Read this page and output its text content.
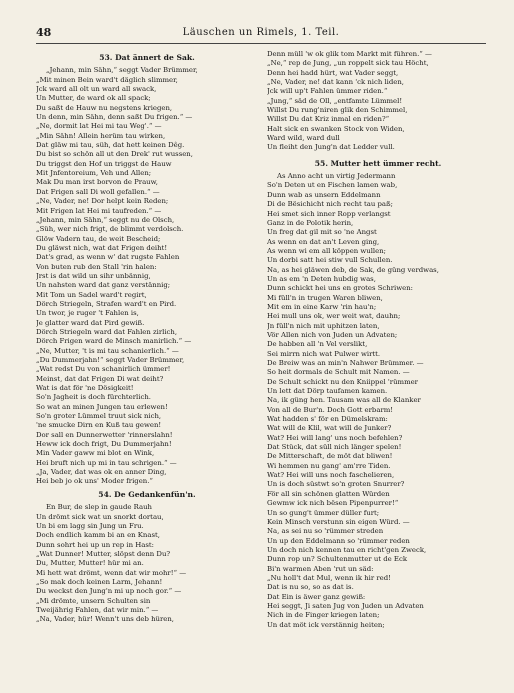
48	Läuschen un Rimels, 1. Teil.
53. Dat ännert de Sak.
„Jehann, min Sähn,“ seggt Vader Brümmer,
„Mit minen Bein ward't däglich slimmer,
Jck ward all olt un ward all swack,
Un Mutter, de ward ok all spack;
Du saßt de Hauw nu negstens kriegen,
Un denn, min Sähn, denn saßt Du frigen.“ —
„Ne, dormit lat Hei mi tau Weg'.“ —
„Min Sähn! Allein herüm tau wirken,
Dat gläw mi tau, süh, dat hett keinen Dêg.
Du bist so schön all ut den Drek' rut wussen,
Du triggst den Hof un triggst de Hauw
Mit Jnfentoreium, Veh und Allen;
Mak Du man irst borvon de Prauw,
Dat Frigen sall Di woll gefallen.“ —
„Ne, Vader, ne! Dor helpt kein Reden;
Mit Frigen lat Hei mi taufreden.“ —
„Jehann, min Sähn,“ seggt nu de Olsch,
„Süh, wer nich frigt, de blimmt verdolsch.
Glöw Vadern tau, de weit Bescheid;
Du gläwst nich, wat dat Frigen deiht!
Dat's grad, as wenn w' dat rugste Fahlen
Von buten rub den Stall 'rin halen:
Jrst is dat wild un sihr unbännig,
Un nahsten ward dat ganz verstännig;
Mit Tom un Sadel ward't regirt,
Dörch Striegeln, Strafen ward't en Pird.
Un twor, je ruger 't Fahlen is,
Je glatter ward dat Pird gewiß.
Dörch Striegeln ward dat Fahlen zirlich,
Dörch Frigen ward de Minsch manirlich.“ —
„Ne, Mutter, 't is mi tau schanierlich.“ —
„Du Dummerjahn!“ seggt Vader Brümmer,
„Wat redst Du von schanirlich ümmer!
Meinst, dat dat Frigen Di wat deiht?
Wat is dat för 'ne Dösigkeit!
So'n Jagheit is doch fürchterlich.
So wat an minen Jungen tau erlewen!
So'n groter Lümmel truut sick nich,
'ne smucke Dirn en Kuß tau gewen!
Dor sall en Dunnerwetter 'rinnerslahn!
Heww ick doch frigt, Du Dummerjahn!
Min Vader gaww mi blot en Wink,
Hei bruft nich up mi in tau schrigen.“ —
„Ja, Vader, dat was ok en anner Ding,
Hei beb jo ok uns' Moder frigen.“
54. De Gedankenfün'n.
En Bur, de slep in gaude Rauh
Un drömt sick wat un snorkt dortau,
Un bi em lagg sin Jung un Fru.
Doch endlich kamm bi an en Knast,
Dunn sohrt hei up un rep in Hast:
„Wat Dunner! Mutter, slöpst denn Du?
Du, Mutter, Mutter! hür mi an.
Mi hett wat drömt, wenn dat wir mohr!“ —
„So mak doch keinen Larm, Jehann!
Du weckst den Jung'n mi up noch gor.“ —
„Mi drömte, unsern Schulten sin
Tweijährig Fahlen, dat wir min.“ —
„Na, Vader, hür! Wenn't uns deb hüren,
Denn müll 'w ok glik tom Markt mit führen.“ —
„Ne,“ rep de Jung, „un roppelt sick tau Höcht,
Denn hei hadd hürt, wat Vader seggt,
„Ne, Vader, ne! dat kann 'ck nich liden,
Jck will up't Fahlen ümmer riden.“
„Jung,“ säd de Oll, „entfamte Lümmel!
Willst Du rung'niren glik den Schimmel,
Willst Du dat Kriz inmal en riden?“
Halt sick en swanken Stock von Widen,
Ward wild, ward dull
Un fleiht den Jung'n dat Ledder vull.
55. Mutter hett ümmer recht.
As Anno acht un virtig Jedermann
So'n Deten ut en Fischen lamen wab,
Dunn wab as unsern Eddelmann
Di de Bësichicht nich recht tau paß;
Hei smet sich inner Ropp verlangst
Ganz in de Polotik herin,
Un freg dat gil mit so 'ne Angst
As wenn en dat an't Leven ging,
As wenn wi em all köppen wullen;
Un dorbi satt hei stiw vull Schullen.
Na, as hei gläwen deb, de Sak, de güng verdwas,
Un as em 'n Deten hubdig was,
Dunn schickt hei uns en grotes Schriwen:
Mi füll'n in trugen Waren bliwen,
Mit em in eine Karw 'rin hau'n;
Hei mull uns ok, wer weit wat, dauhn;
Jn füll'n nich mit uphitzen laten,
Vör Allen nich von Juden un Advaten;
De habben all 'n Vel verslikt,
Sei mirrn nich wat Pulwer wirtt.
De Breiw was an min'n Nahwer Brümmer. —
So heit dormals de Schult mit Namen. —
De Schult schickt nu den Kniippel 'rümmer
Un lett dat Dörp taufamen kamen.
Na, ik güng hen. Tausam was all de Klanker
Von all de Bur'n. Doch Gott erbarm!
Wat hadden s' för en Dümelskram:
Wat will de Klil, wat will de Junker?
Wat? Hei will lang' uns noch befehlen?
Dat Stück, dat süll nich länger spelen!
De Mitterschaft, de möt dat bliwen!
Wi hemmen nu gang' am'rre Tiden.
Wat? Hei will uns noch faschelieren,
Un is doch süstwt so'n groten Snurrer?
För all sin schönen glatten Würden
Gewmw ick nich bësen Pipenpurrer!“
Un so gung't ümmer düller furt;
Kein Minsch verstunn sin eigen Würd. —
Na, as sei nu so 'rümmer streden
Un up den Eddelmann so 'rümmer reden
Un doch nich kennen tau en richt'gen Zweck,
Dunn rop un? Schultenmutter ut de Eck
Bi'n warmen Aben 'rut un säd:
„Nu holl't dat Mul, wenn ik hir red!
Dat is nu so, so as dat is.
Dat Ein is äwer ganz gewiß:
Hei seggt, Ji saten Jug von Juden un Advaten
Nich in de Finger kriegen laten;
Un dat möt ick verstännig heiten;
